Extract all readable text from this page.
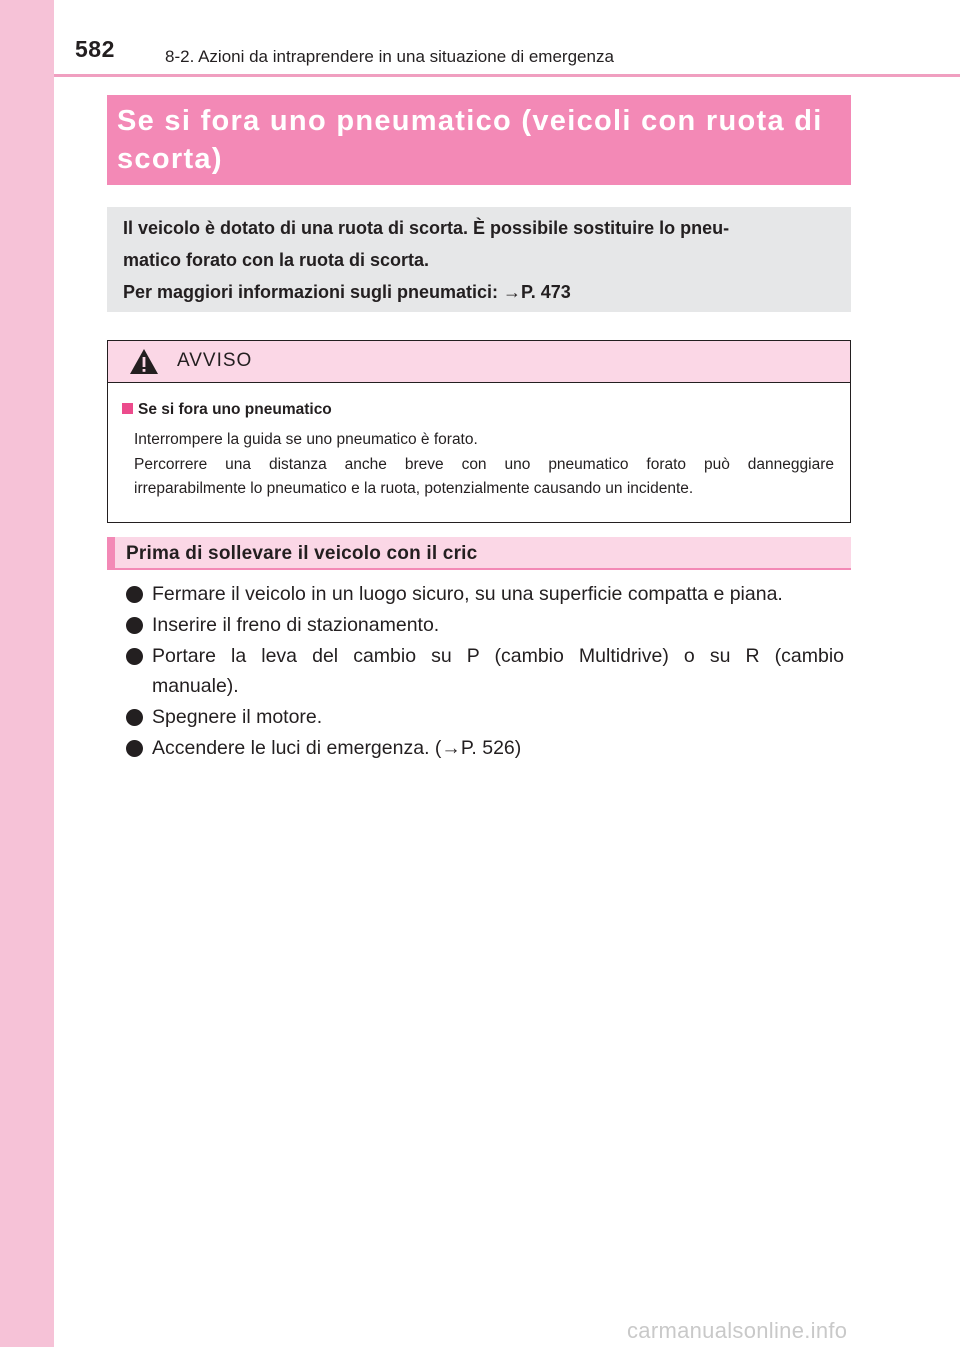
582	8-2. Azioni da intraprendere in una situazione di emergenza
Se si fora uno pneumatico (veicoli con ruota di
scorta)

Il veicolo è dotato di una ruota di scorta. È possibile sostituire lo pneu-
matico forato con la ruota di scorta.

Per maggiori informazioni sugli pneumatici: →P. 473

AVVISO
Se si fora uno pneumatico
Interrompere la guida se uno pneumatico è forato.
Percorrere una distanza anche breve con uno pneumatico forato può danneggiare
irreparabilmente lo pneumatico e la ruota, potenzialmente causando un incidente.
Prima di sollevare il veicolo con il cric
Fermare il veicolo in un luogo sicuro, su una superficie compatta e piana.
Inserire il freno di stazionamento.
Portare la leva del cambio su P (cambio Multidrive) o su R (cambio
manuale).
Spegnere il motore.
Accendere le luci di emergenza. (→P. 526)
carmanualsonline.info
